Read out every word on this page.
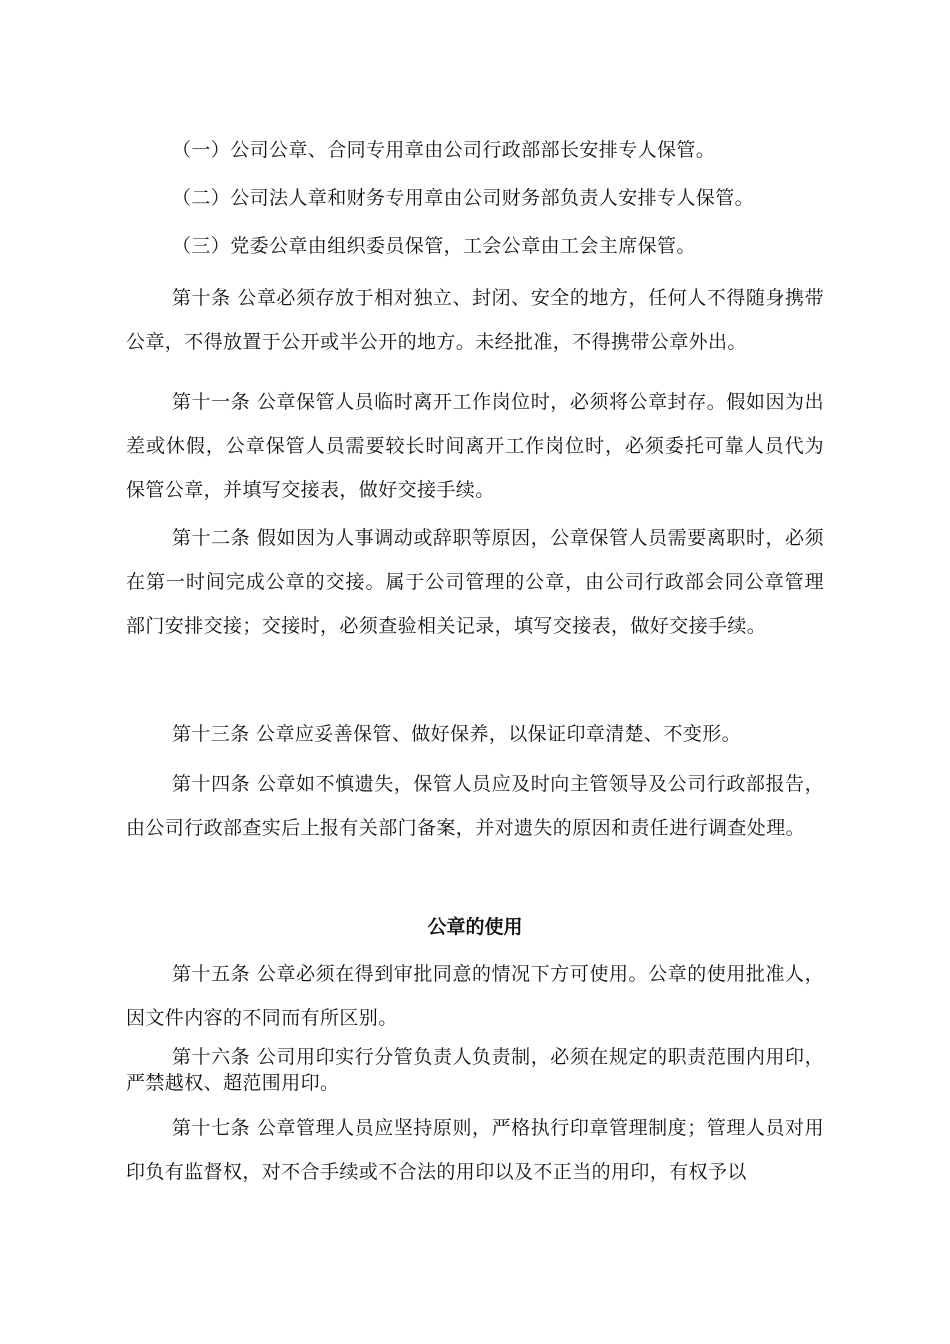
（一）公司公章、合同专用章由公司行政部部长安排专人保管。

（二）公司法人章和财务专用章由公司财务部负责人安排专人保管。

（三）党委公章由组织委员保管，工会公章由工会主席保管。

第十条 公章必须存放于相对独立、封闭、安全的地方，任何人不得随身携带公章，不得放置于公开或半公开的地方。未经批准，不得携带公章外出。

第十一条 公章保管人员临时离开工作岗位时，必须将公章封存。假如因为出差或休假，公章保管人员需要较长时间离开工作岗位时，必须委托可靠人员代为保管公章，并填写交接表，做好交接手续。

第十二条 假如因为人事调动或辞职等原因，公章保管人员需要离职时，必须在第一时间完成公章的交接。属于公司管理的公章，由公司行政部会同公章管理部门安排交接；交接时，必须查验相关记录，填写交接表，做好交接手续。

第十三条 公章应妥善保管、做好保养，以保证印章清楚、不变形。

第十四条 公章如不慎遗失，保管人员应及时向主管领导及公司行政部报告，由公司行政部查实后上报有关部门备案，并对遗失的原因和责任进行调查处理。

公章的使用

第十五条 公章必须在得到审批同意的情况下方可使用。公章的使用批准人，因文件内容的不同而有所区别。

第十六条 公司用印实行分管负责人负责制，必须在规定的职责范围内用印，严禁越权、超范围用印。

第十七条 公章管理人员应坚持原则，严格执行印章管理制度；管理人员对用印负有监督权，对不合手续或不合法的用印以及不正当的用印，有权予以
